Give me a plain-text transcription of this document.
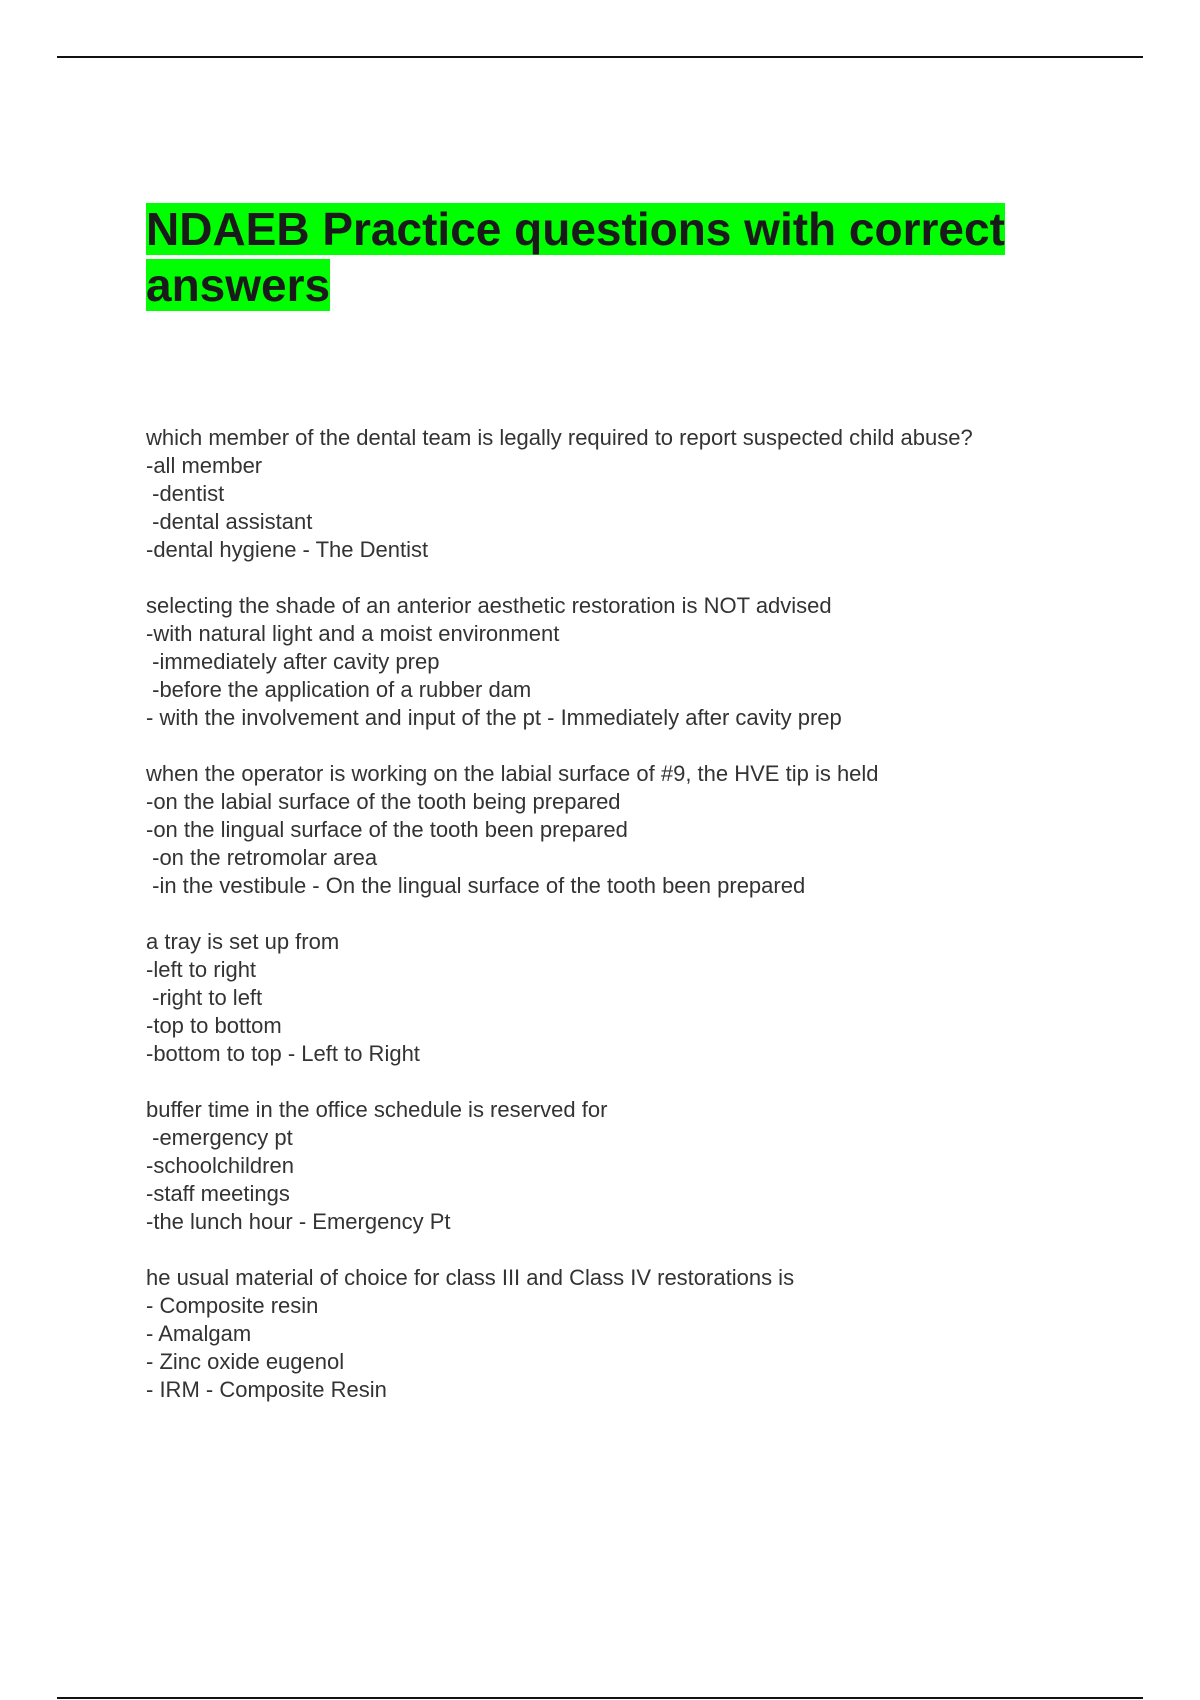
NDAEB Practice questions with correct answers
which member of the dental team is legally required to report suspected child abuse?
-all member
-dentist
-dental assistant
-dental hygiene - The Dentist
selecting the shade of an anterior aesthetic restoration is NOT advised
-with natural light and a moist environment
-immediately after cavity prep
-before the application of a rubber dam
- with the involvement and input of the pt - Immediately after cavity prep
when the operator is working on the labial surface of #9, the HVE tip is held
-on the labial surface of the tooth being prepared
-on the lingual surface of the tooth been prepared
-on the retromolar area
-in the vestibule - On the lingual surface of the tooth been prepared
a tray is set up from
-left to right
-right to left
-top to bottom
-bottom to top - Left to Right
buffer time in the office schedule is reserved for
-emergency pt
-schoolchildren
-staff meetings
-the lunch hour - Emergency Pt
he usual material of choice for class III and Class IV restorations is
- Composite resin
- Amalgam
- Zinc oxide eugenol
- IRM - Composite Resin
